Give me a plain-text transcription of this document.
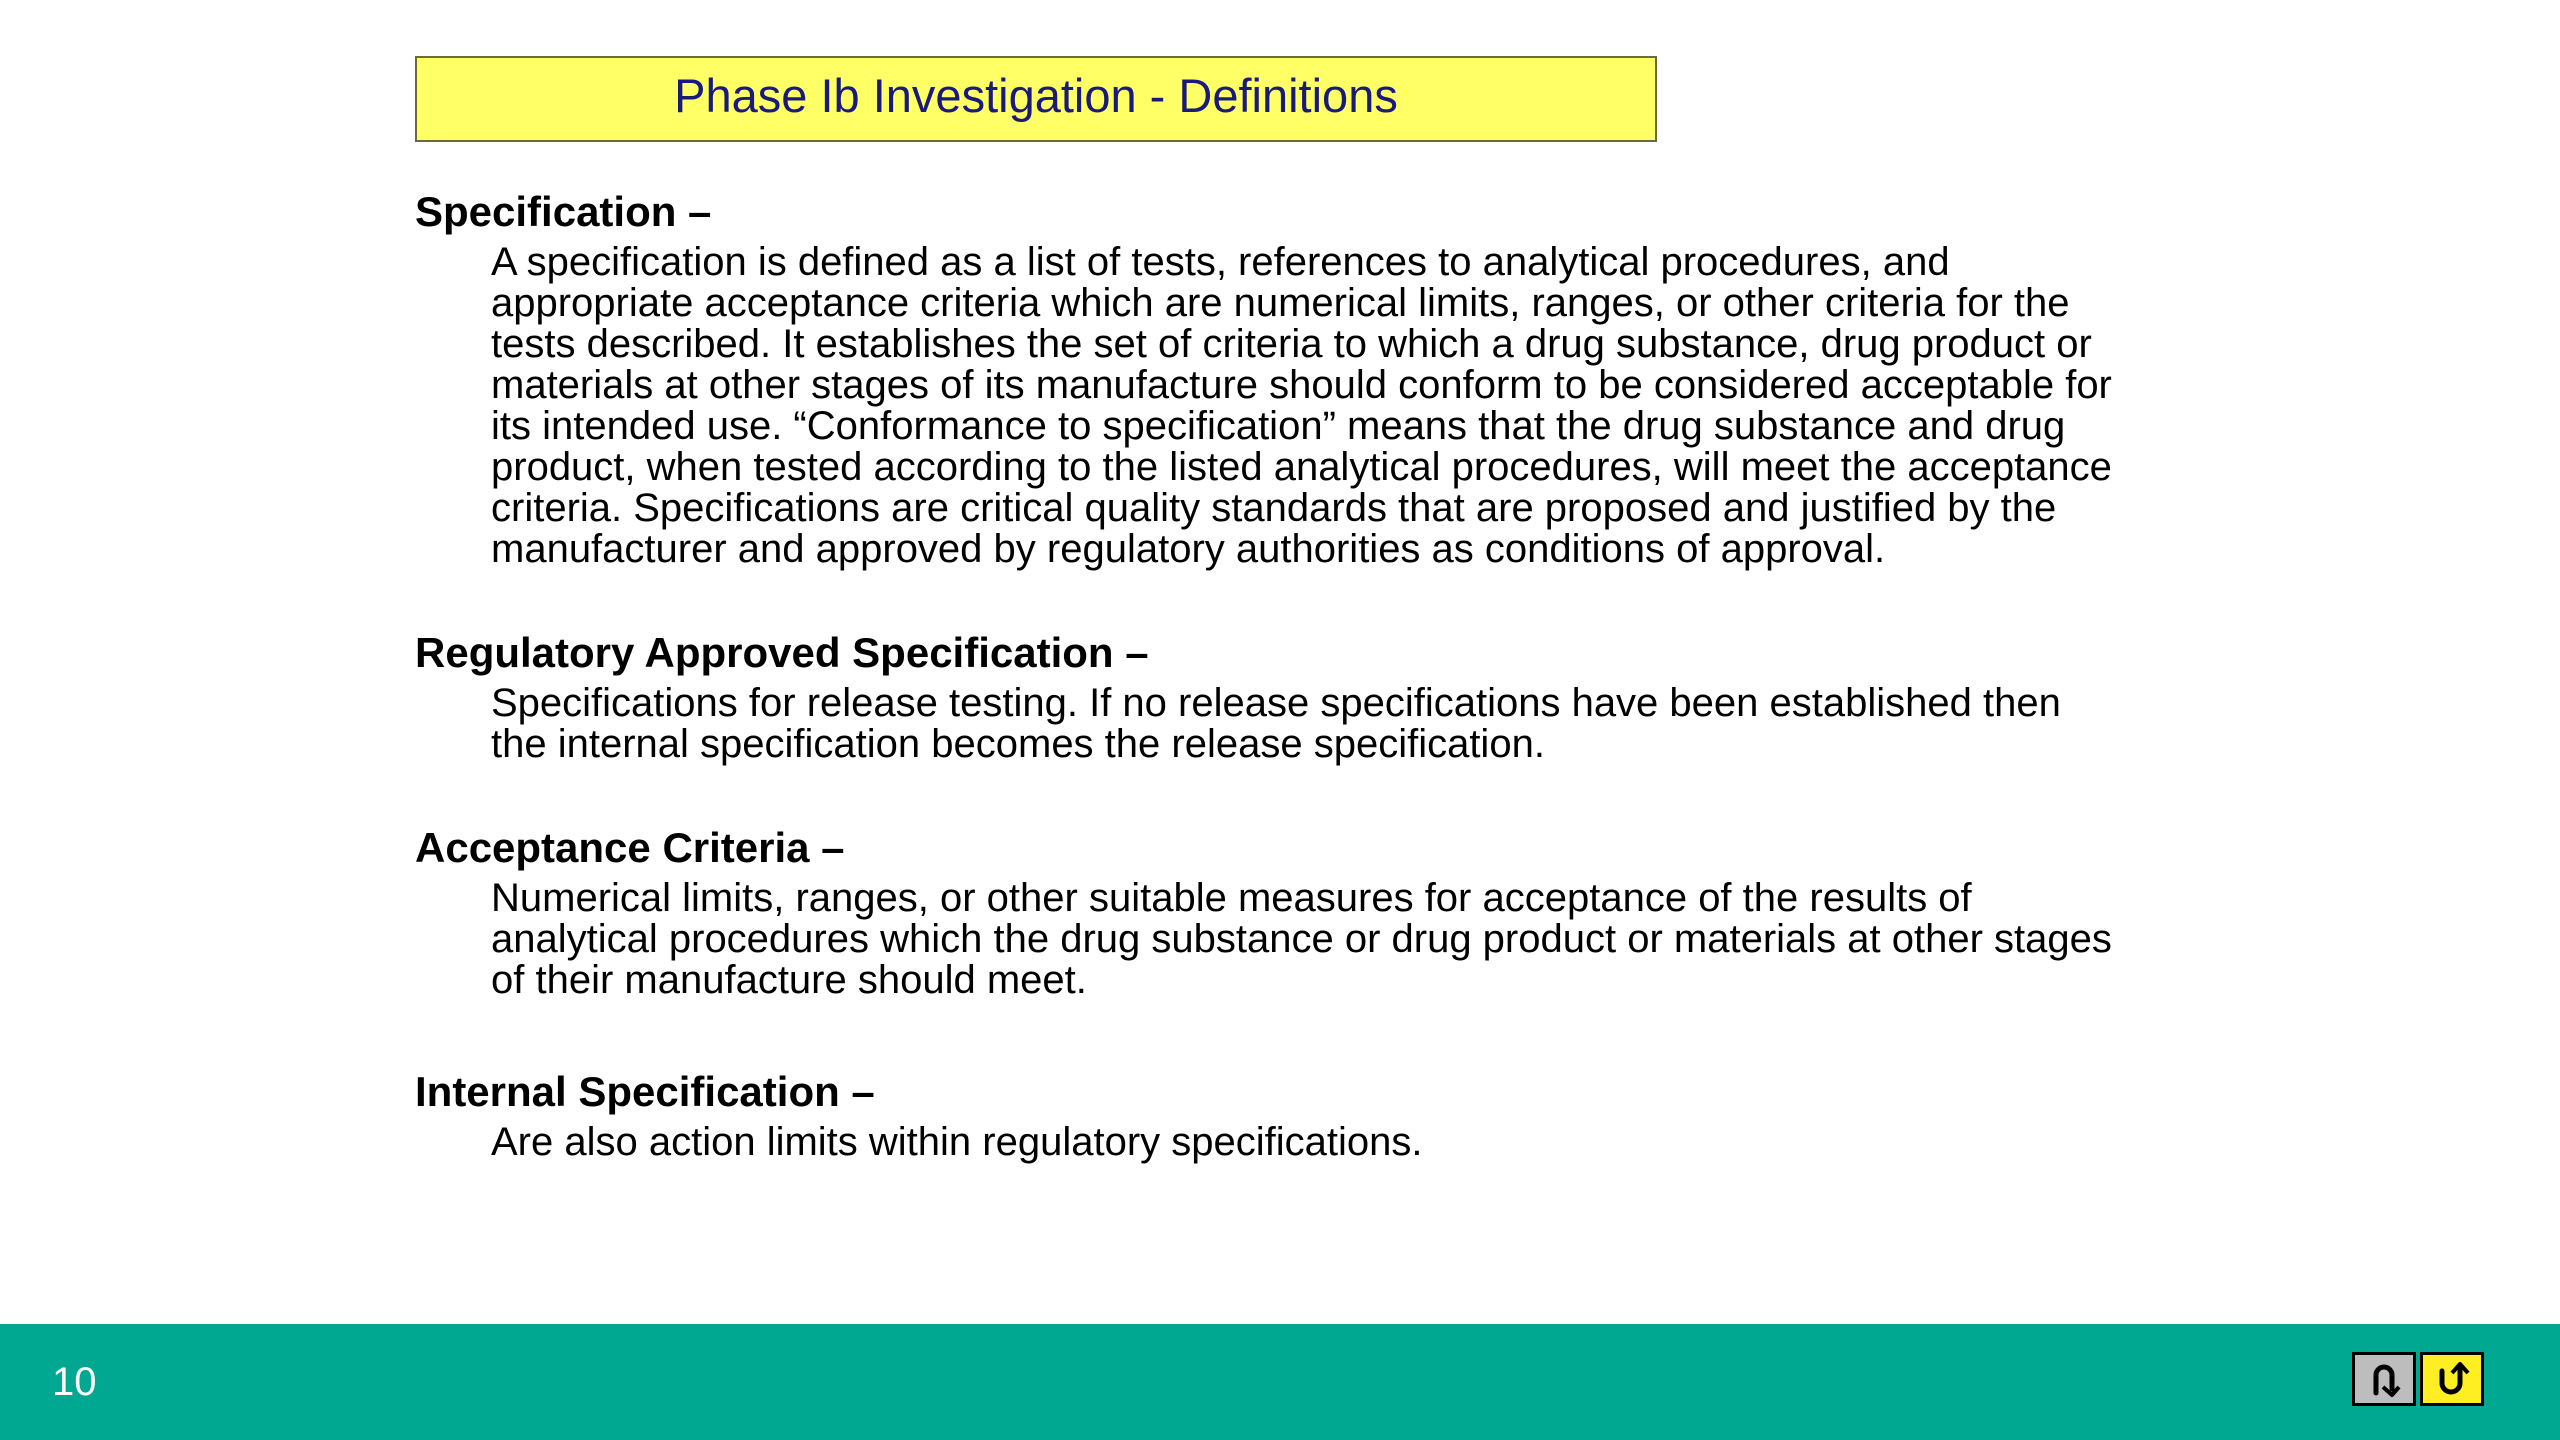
Phase Ib Investigation - Definitions

Specification –

A specification is defined as a list of tests, references to analytical procedures, and appropriate acceptance criteria which are numerical limits, ranges, or other criteria for the tests described. It establishes the set of criteria to which a drug substance, drug product or materials at other stages of its manufacture should conform to be considered acceptable for its intended use. “Conformance to specification” means that the drug substance and drug product, when tested according to the listed analytical procedures, will meet the acceptance criteria. Specifications are critical quality standards that are proposed and justified by the manufacturer and approved by regulatory authorities as conditions of approval.

Regulatory Approved Specification –

Specifications for release testing. If no release specifications have been established then the internal specification becomes the release specification.

Acceptance Criteria –

Numerical limits, ranges, or other suitable measures for acceptance of the results of analytical procedures which the drug substance or drug product or materials at other stages of their manufacture should meet.

Internal Specification –

Are also action limits within regulatory specifications.

10
